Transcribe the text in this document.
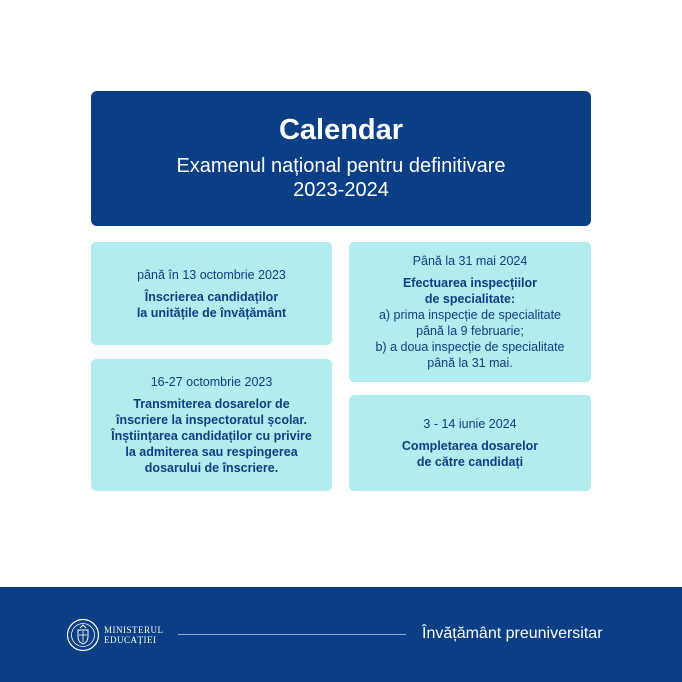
Calendar
Examenul național pentru definitivare
2023-2024
până în 13 octombrie 2023
Înscrierea candidaților
la unitățile de învățământ
16-27 octombrie 2023
Transmiterea dosarelor de
înscriere la inspectoratul școlar.
Înștiințarea candidaților cu privire
la admiterea sau respingerea
dosarului de înscriere.
Până la 31 mai 2024
Efectuarea inspecțiilor
de specialitate:
a) prima inspecție de specialitate
până la 9 februarie;
b) a doua inspecție de specialitate
până la 31 mai.
3 - 14 iunie 2024
Completarea dosarelor
de către candidați
MINISTERUL
EDUCAȚIEI	Învățământ preuniversitar
